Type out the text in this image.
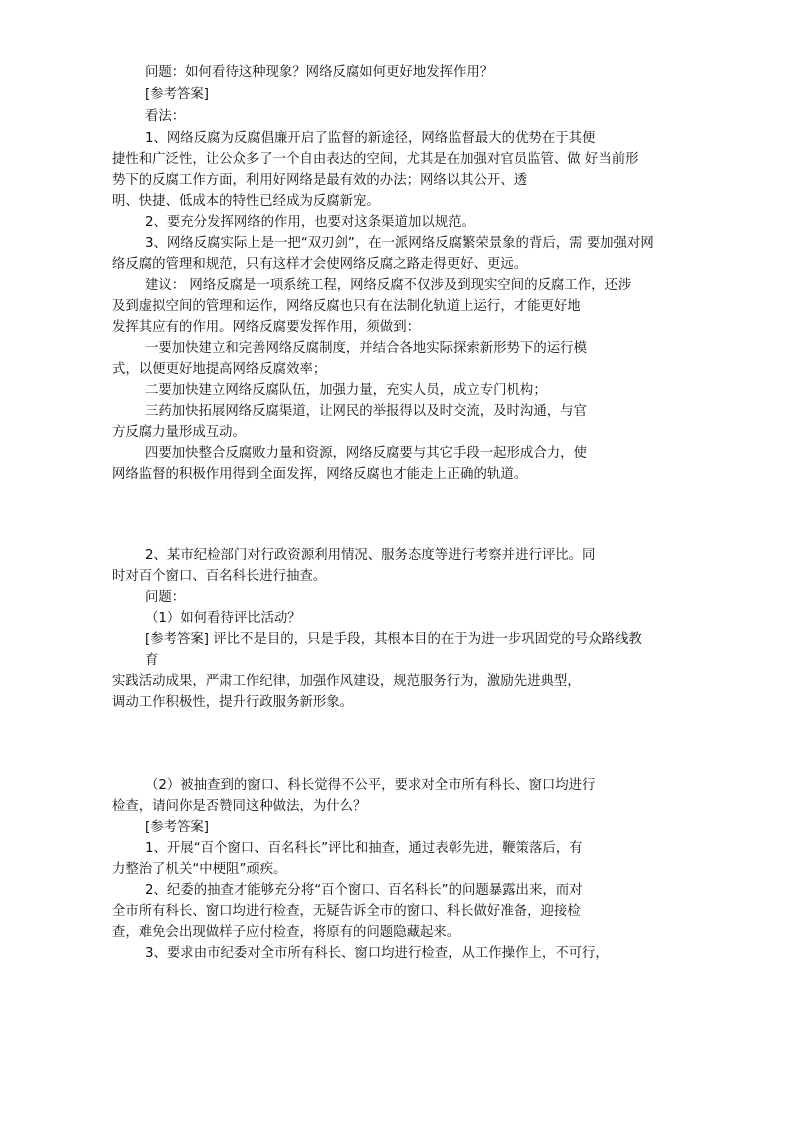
问题：如何看待这种现象？网络反腐如何更好地发挥作用？

[参考答案]

看法：

1、网络反腐为反腐倡廉开启了监督的新途径，网络监督最大的优势在于其便

捷性和广泛性，让公众多了一个自由表达的空间，尤其是在加强对官员监管、做 好当前形

势下的反腐工作方面，利用好网络是最有效的办法；网络以其公开、透

明、快捷、低成本的特性已经成为反腐新宠。

2、要充分发挥网络的作用，也要对这条渠道加以规范。

3、网络反腐实际上是一把“双刃剑”，在一派网络反腐繁荣景象的背后，需 要加强对网

络反腐的管理和规范，只有这样才会使网络反腐之路走得更好、更远。

建议： 网络反腐是一项系统工程，网络反腐不仅涉及到现实空间的反腐工作，还涉

及到虚拟空间的管理和运作，网络反腐也只有在法制化轨道上运行，才能更好地

发挥其应有的作用。网络反腐要发挥作用，须做到：

一要加快建立和完善网络反腐制度，并结合各地实际探索新形势下的运行模

式，以便更好地提高网络反腐效率；

二要加快建立网络反腐队伍，加强力量，充实人员，成立专门机构；

三药加快拓展网络反腐渠道，让网民的举报得以及时交流，及时沟通，与官

方反腐力量形成互动。

四要加快整合反腐败力量和资源，网络反腐要与其它手段一起形成合力，使

网络监督的积极作用得到全面发挥，网络反腐也才能走上正确的轨道。

2、某市纪检部门对行政资源利用情况、服务态度等进行考察并进行评比。同

时对百个窗口、百名科长进行抽查。

问题：

（1）如何看待评比活动？

[参考答案] 评比不是目的，只是手段，其根本目的在于为进一步巩固党的号众路线教

育

实践活动成果，严肃工作纪律，加强作风建设，规范服务行为，激励先进典型，

调动工作积极性，提升行政服务新形象。

（2）被抽查到的窗口、科长觉得不公平，要求对全市所有科长、窗口均进行

检查，请问你是否赞同这种做法，为什么？

[参考答案]

1、开展“百个窗口、百名科长”评比和抽查，通过表彰先进，鞭策落后，有

力整治了机关“中梗阻”顽疾。

2、纪委的抽查才能够充分将“百个窗口、百名科长”的问题暴露出来，而对

全市所有科长、窗口均进行检查，无疑告诉全市的窗口、科长做好准备，迎接检

查，难免会出现做样子应付检查，将原有的问题隐藏起来。

3、要求由市纪委对全市所有科长、窗口均进行检查，从工作操作上，不可行，
